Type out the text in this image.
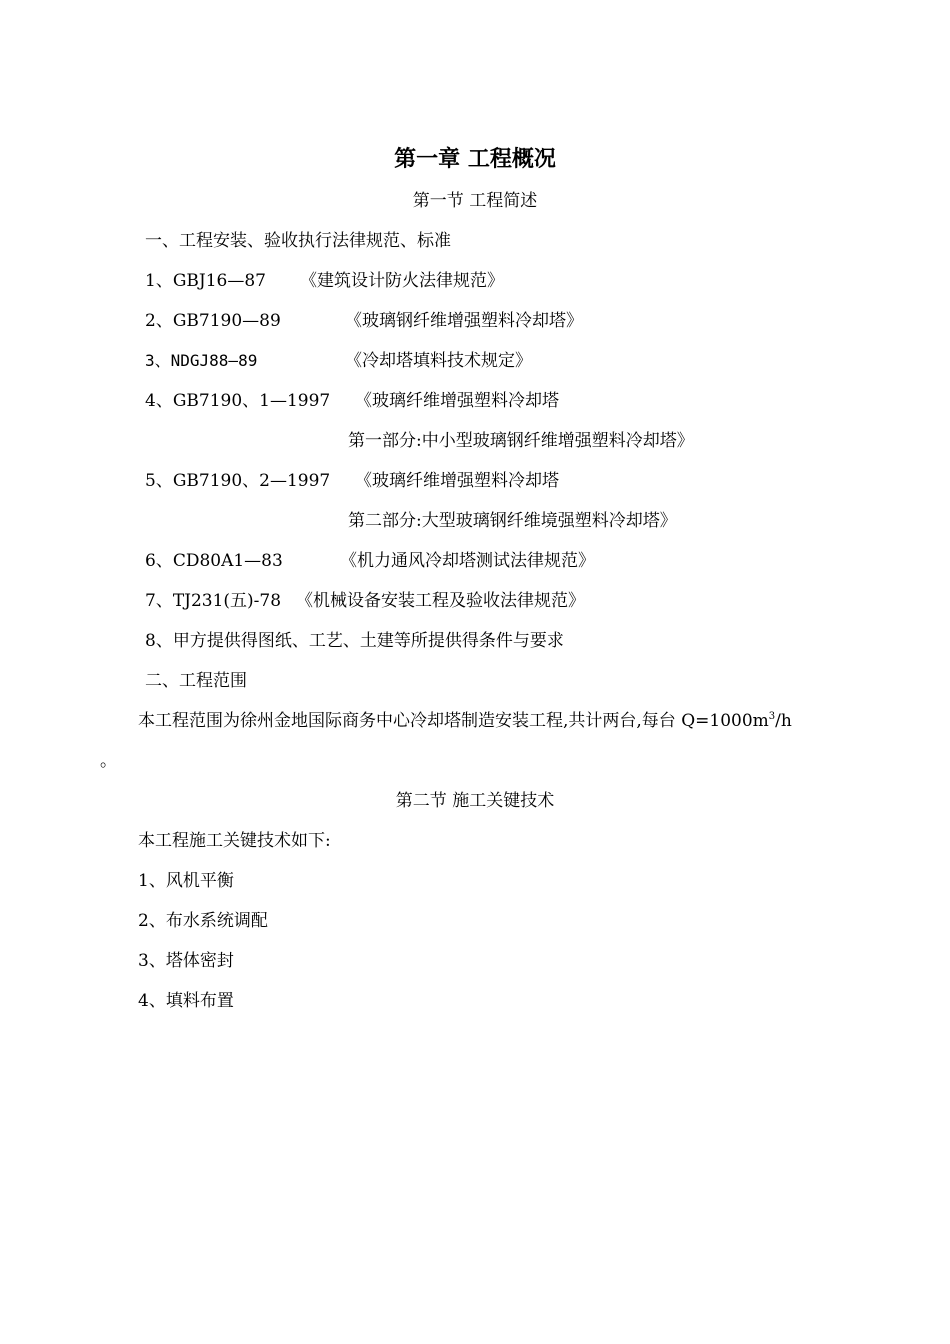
第一章 工程概况
第一节 工程简述
一、工程安装、验收执行法律规范、标准
1、GBJ16—87 《建筑设计防火法律规范》
2、GB7190—89	《玻璃钢纤维增强塑料冷却塔》
3、NDGJ88—89	《冷却塔填料技术规定》
4、GB7190、1—1997 《玻璃纤维增强塑料冷却塔
第一部分:中小型玻璃钢纤维增强塑料冷却塔》
5、GB7190、2—1997 《玻璃纤维增强塑料冷却塔
第二部分:大型玻璃钢纤维境强塑料冷却塔》
6、CD80A1—83	《机力通风冷却塔测试法律规范》
7、TJ231(五)-78 《机械设备安装工程及验收法律规范》
8、甲方提供得图纸、工艺、土建等所提供得条件与要求
二、工程范围
本工程范围为徐州金地国际商务中心冷却塔制造安装工程,共计两台,每台 $Q=1000m^3/h$
。
第二节 施工关键技术
本工程施工关键技术如下:
1、风机平衡
2、布水系统调配
3、塔体密封
4、填料布置
